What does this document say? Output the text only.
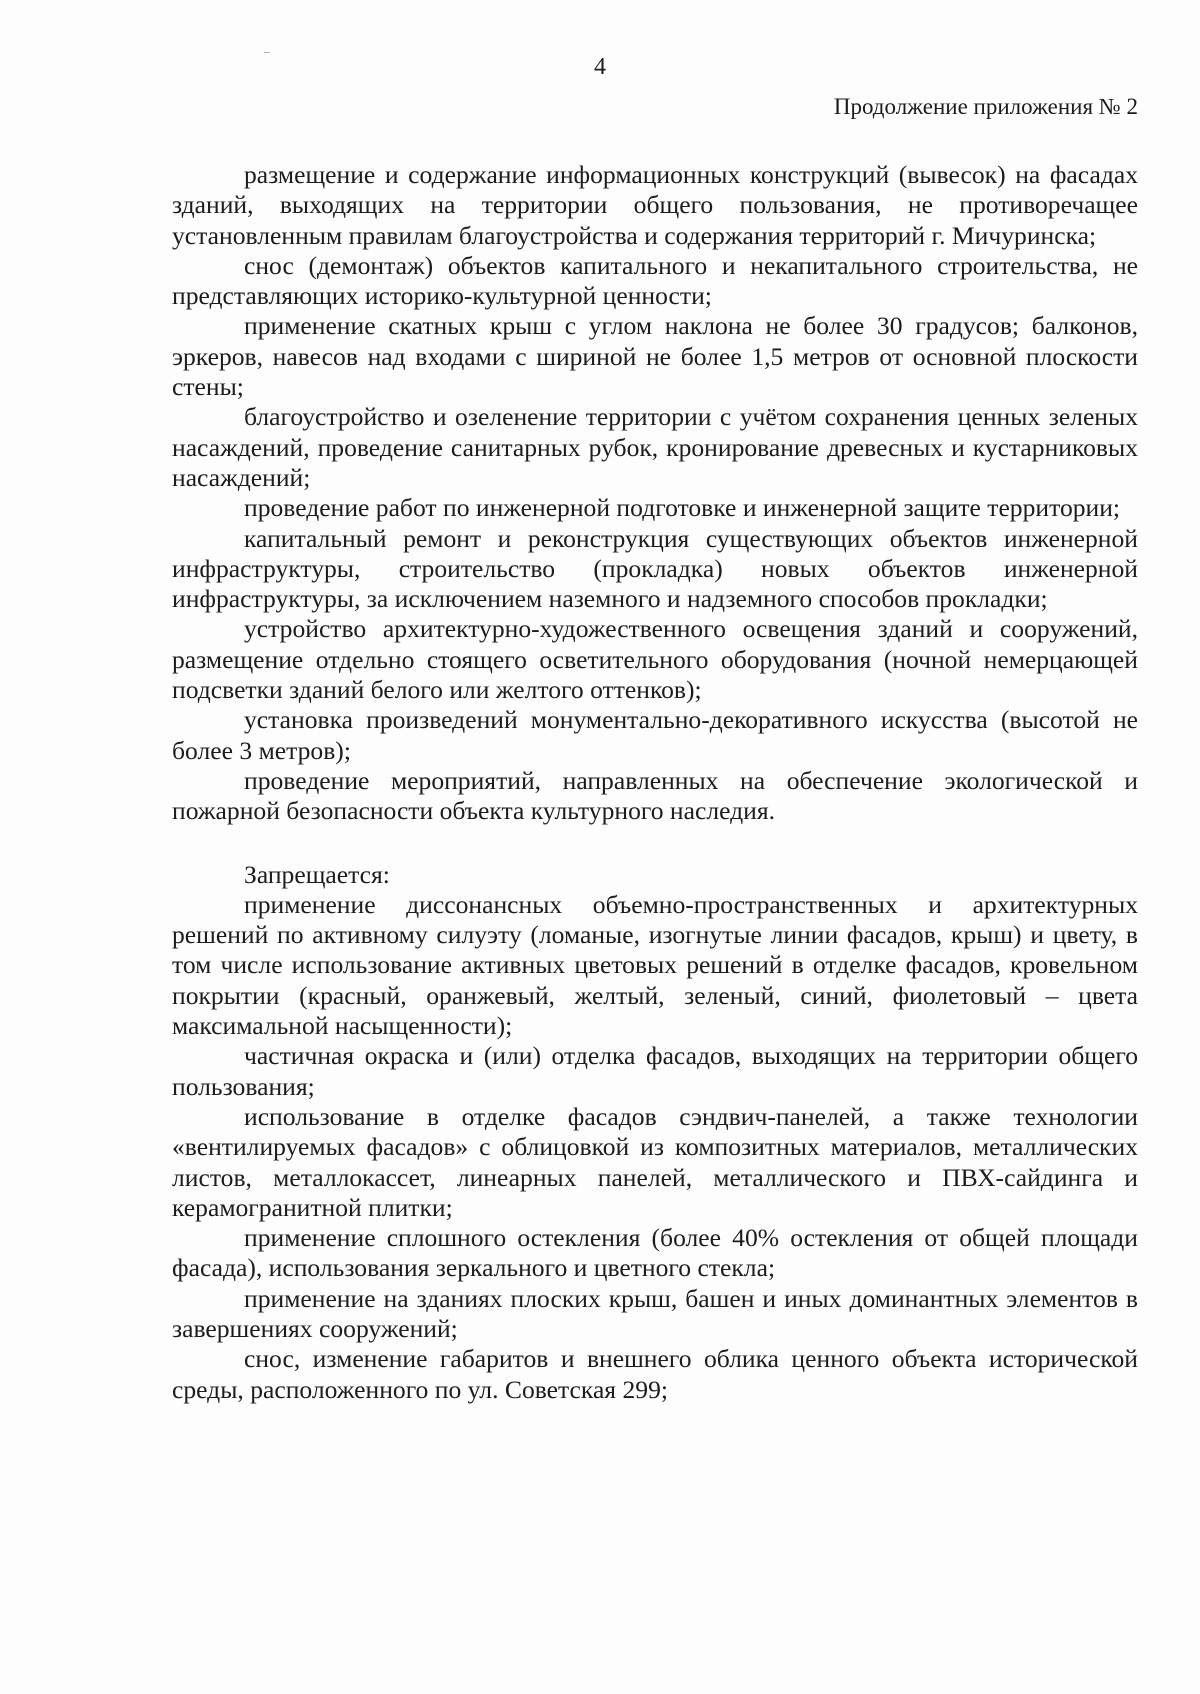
4
Продолжение приложения № 2

размещение и содержание информационных конструкций (вывесок) на фасадах зданий, выходящих на территории общего пользования, не противоречащее установленным правилам благоустройства и содержания территорий г. Мичуринска;

снос (демонтаж) объектов капитального и некапитального строительства, не представляющих историко-культурной ценности;

применение скатных крыш с углом наклона не более 30 градусов; балконов, эркеров, навесов над входами с шириной не более 1,5 метров от основной плоскости стены;

благоустройство и озеленение территории с учётом сохранения ценных зеленых насаждений, проведение санитарных рубок, кронирование древесных и кустарниковых насаждений;

проведение работ по инженерной подготовке и инженерной защите территории;

капитальный ремонт и реконструкция существующих объектов инженерной инфраструктуры, строительство (прокладка) новых объектов инженерной инфраструктуры, за исключением наземного и надземного способов прокладки;

устройство архитектурно-художественного освещения зданий и сооружений, размещение отдельно стоящего осветительного оборудования (ночной немерцающей подсветки зданий белого или желтого оттенков);

установка произведений монументально-декоративного искусства (высотой не более 3 метров);

проведение мероприятий, направленных на обеспечение экологической и пожарной безопасности объекта культурного наследия.

Запрещается:

применение диссонансных объемно-пространственных и архитектурных решений по активному силуэту (ломаные, изогнутые линии фасадов, крыш) и цвету, в том числе использование активных цветовых решений в отделке фасадов, кровельном покрытии (красный, оранжевый, желтый, зеленый, синий, фиолетовый – цвета максимальной насыщенности);

частичная окраска и (или) отделка фасадов, выходящих на территории общего пользования;

использование в отделке фасадов сэндвич-панелей, а также технологии «вентилируемых фасадов» с облицовкой из композитных материалов, металлических листов, металлокассет, линеарных панелей, металлического и ПВХ-сайдинга и керамогранитной плитки;

применение сплошного остекления (более 40% остекления от общей площади фасада), использования зеркального и цветного стекла;

применение на зданиях плоских крыш, башен и иных доминантных элементов в завершениях сооружений;

снос, изменение габаритов и внешнего облика ценного объекта исторической среды, расположенного по ул. Советская 299;
